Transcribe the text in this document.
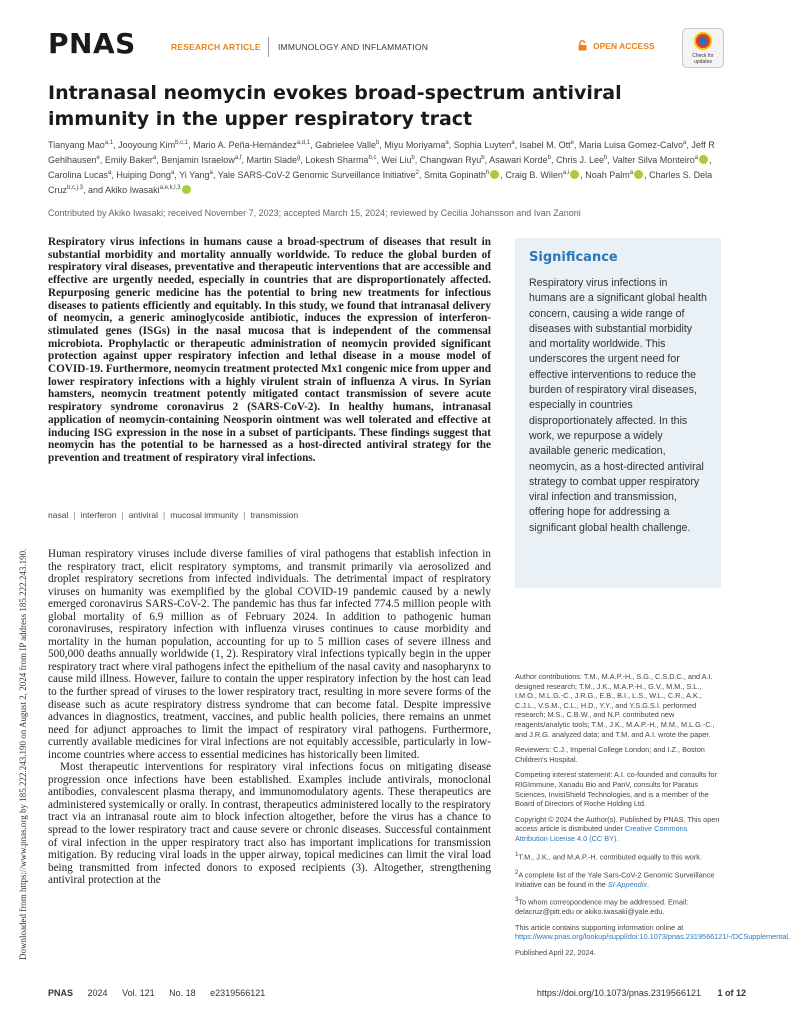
PNAS	RESEARCH ARTICLE IMMUNOLOGY AND INFLAMMATION	OPEN ACCESS
Check for updates
Intranasal neomycin evokes broad-spectrum antiviral immunity in the upper respiratory tract
Tianyang Mao$^{a,1}$, Jooyoung Kim$^{b,c,1}$, Mario A. Peña-Hernández$^{a,d,1}$, Gabrielee Valle$^b$, Miyu Moriyama$^a$, Sophia Luyten$^a$, Isabel M. Ott$^e$, Maria Luisa Gomez-Calvo$^a$, Jeff R Gehlhausen$^e$, Emily Baker$^a$, Benjamin Israelow$^{a,f}$, Martin Slade$^g$, Lokesh Sharma$^{b,c}$, Wei Liu$^b$, Changwan Ryu$^b$, Asawari Korde$^b$, Chris J. Lee$^b$, Valter Silva Monteiro$^a$ , Carolina Lucas$^a$, Huiping Dong$^a$, Yi Yang$^a$, Yale SARS-CoV-2 Genomic Surveillance Initiative$^2$, Smita Gopinath$^h$ , Craig B. Wilen$^{a,i}$ , Noah Palm$^a$ , Charles S. Dela Cruz$^{b,c,j,3}$, and Akiko Iwasaki$^{a,e,k,l,3}$
Contributed by Akiko Iwasaki; received November 7, 2023; accepted March 15, 2024; reviewed by Cecilia Johansson and Ivan Zanoni
Respiratory virus infections in humans cause a broad-spectrum of diseases that result in substantial morbidity and mortality annually worldwide. To reduce the global burden of respiratory viral diseases, preventative and therapeutic interventions that are accessible and effective are urgently needed, especially in countries that are disproportionately affected. Repurposing generic medicine has the potential to bring new treatments for infectious diseases to patients efficiently and equitably. In this study, we found that intranasal delivery of neomycin, a generic aminoglycoside antibiotic, induces the expression of interferon-stimulated genes (ISGs) in the nasal mucosa that is independent of the commensal microbiota. Prophylactic or therapeutic administration of neomycin provided significant protection against upper respiratory infection and lethal disease in a mouse model of COVID-19. Furthermore, neomycin treatment protected Mx1 congenic mice from upper and lower respiratory infections with a highly virulent strain of influenza A virus. In Syrian hamsters, neomycin treatment potently mitigated contact transmission of severe acute respiratory syndrome coronavirus 2 (SARS-CoV-2). In healthy humans, intranasal application of neomycin-containing Neosporin ointment was well tolerated and effective at inducing ISG expression in the nose in a subset of participants. These findings suggest that neomycin has the potential to be harnessed as a host-directed antiviral strategy for the prevention and treatment of respiratory viral infections.
nasal | interferon | antiviral | mucosal immunity | transmission

Human respiratory viruses include diverse families of viral pathogens that establish infection in the respiratory tract, elicit respiratory symptoms, and transmit primarily via aerosolized and droplet respiratory secretions from infected individuals. The detrimental impact of respiratory viruses on humanity was exemplified by the global COVID-19 pandemic caused by a newly emerged coronavirus SARS-CoV-2. The pandemic has thus far infected 774.5 million people with global mortality of 6.9 million as of February 2024. In addition to pathogenic human coronaviruses, respiratory infection with influenza viruses continues to cause morbidity and mortality in the human population, accounting for up to 5 million cases of severe illness and 500,000 deaths annually worldwide (1, 2). Respiratory viral infections typically begin in the upper respiratory tract where viral pathogens infect the epithelium of the nasal cavity and nasopharynx to cause mild illness. However, failure to contain the upper respiratory infection by the host can lead to the further spread of viruses to the lower respiratory tract, resulting in more severe forms of the disease such as acute respiratory distress syndrome that can become fatal. Despite impressive advances in diagnostics, treatment, vaccines, and public health policies, there remains an unmet need for adjunct approaches to limit the impact of respiratory viral pathogens. Furthermore, currently available medicines for viral infections are not equitably accessible, particularly in low-income countries where access to essential medicines has historically been limited.

Most therapeutic interventions for respiratory viral infections focus on mitigating disease progression once infections have been established. Examples include antivirals, monoclonal antibodies, convalescent plasma therapy, and immunomodulatory agents. These therapeutics are administered systemically or orally. In contrast, therapeutics administered locally to the respiratory tract via an intranasal route aim to block infection altogether, before the virus has a chance to spread to the lower respiratory tract and cause severe or chronic diseases. Successful containment of viral infection in the upper respiratory tract also has important implications for transmission mitigation. By reducing viral loads in the upper airway, topical medicines can limit the viral load being transmitted from infected donors to exposed recipients (3). Altogether, strengthening antiviral protection at the

Significance
Respiratory virus infections in humans are a significant global health concern, causing a wide range of diseases with substantial morbidity and mortality worldwide. This underscores the urgent need for effective interventions to reduce the burden of respiratory viral diseases, especially in countries disproportionately affected. In this work, we repurpose a widely available generic medication, neomycin, as a host-directed antiviral strategy to combat upper respiratory viral infection and transmission, offering hope for addressing a significant global health challenge.

Author contributions: T.M., M.A.P.-H., S.G., C.S.D.C., and A.I. designed research; T.M., J.K., M.A.P.-H., G.V., M.M., S.L., I.M.O., M.L.G.-C., J.R.G., E.B., B.I., L.S., W.L., C.R., A.K., C.J.L., V.S.M., C.L., H.D., Y.Y., and Y.S.G.S.I. performed research; M.S., C.B.W., and N.P. contributed new reagents/analytic tools; T.M., J.K., M.A.P.-H., M.M., M.L.G.-C., and J.R.G. analyzed data; and T.M. and A.I. wrote the paper.

Reviewers: C.J., Imperial College London; and I.Z., Boston Children's Hospital.

Competing interest statement: A.I. co-founded and consults for RIGImmune, Xanadu Bio and PanV, consults for Paratus Sciences, InvisiShield Technologies, and is a member of the Board of Directors of Roche Holding Ltd.

Copyright © 2024 the Author(s). Published by PNAS. This open access article is distributed under Creative Commons Attribution License 4.0 (CC BY).

$^1$T.M., J.K., and M.A.P.-H. contributed equally to this work.

$^2$A complete list of the Yale Sars-CoV-2 Genomic Surveillance Initiative can be found in the SI Appendix.

$^3$To whom correspondence may be addressed. Email: delacruz@pitt.edu or akiko.iwasaki@yale.edu.

This article contains supporting information online at https://www.pnas.org/lookup/suppl/doi:10.1073/pnas.2319566121/-/DCSupplemental.

Published April 22, 2024.

PNAS 2024 Vol. 121 No. 18 e2319566121	https://doi.org/10.1073/pnas.2319566121 1 of 12
Downloaded from https://www.pnas.org by 185.222.243.190 on August 2, 2024 from IP address 185.222.243.190.
